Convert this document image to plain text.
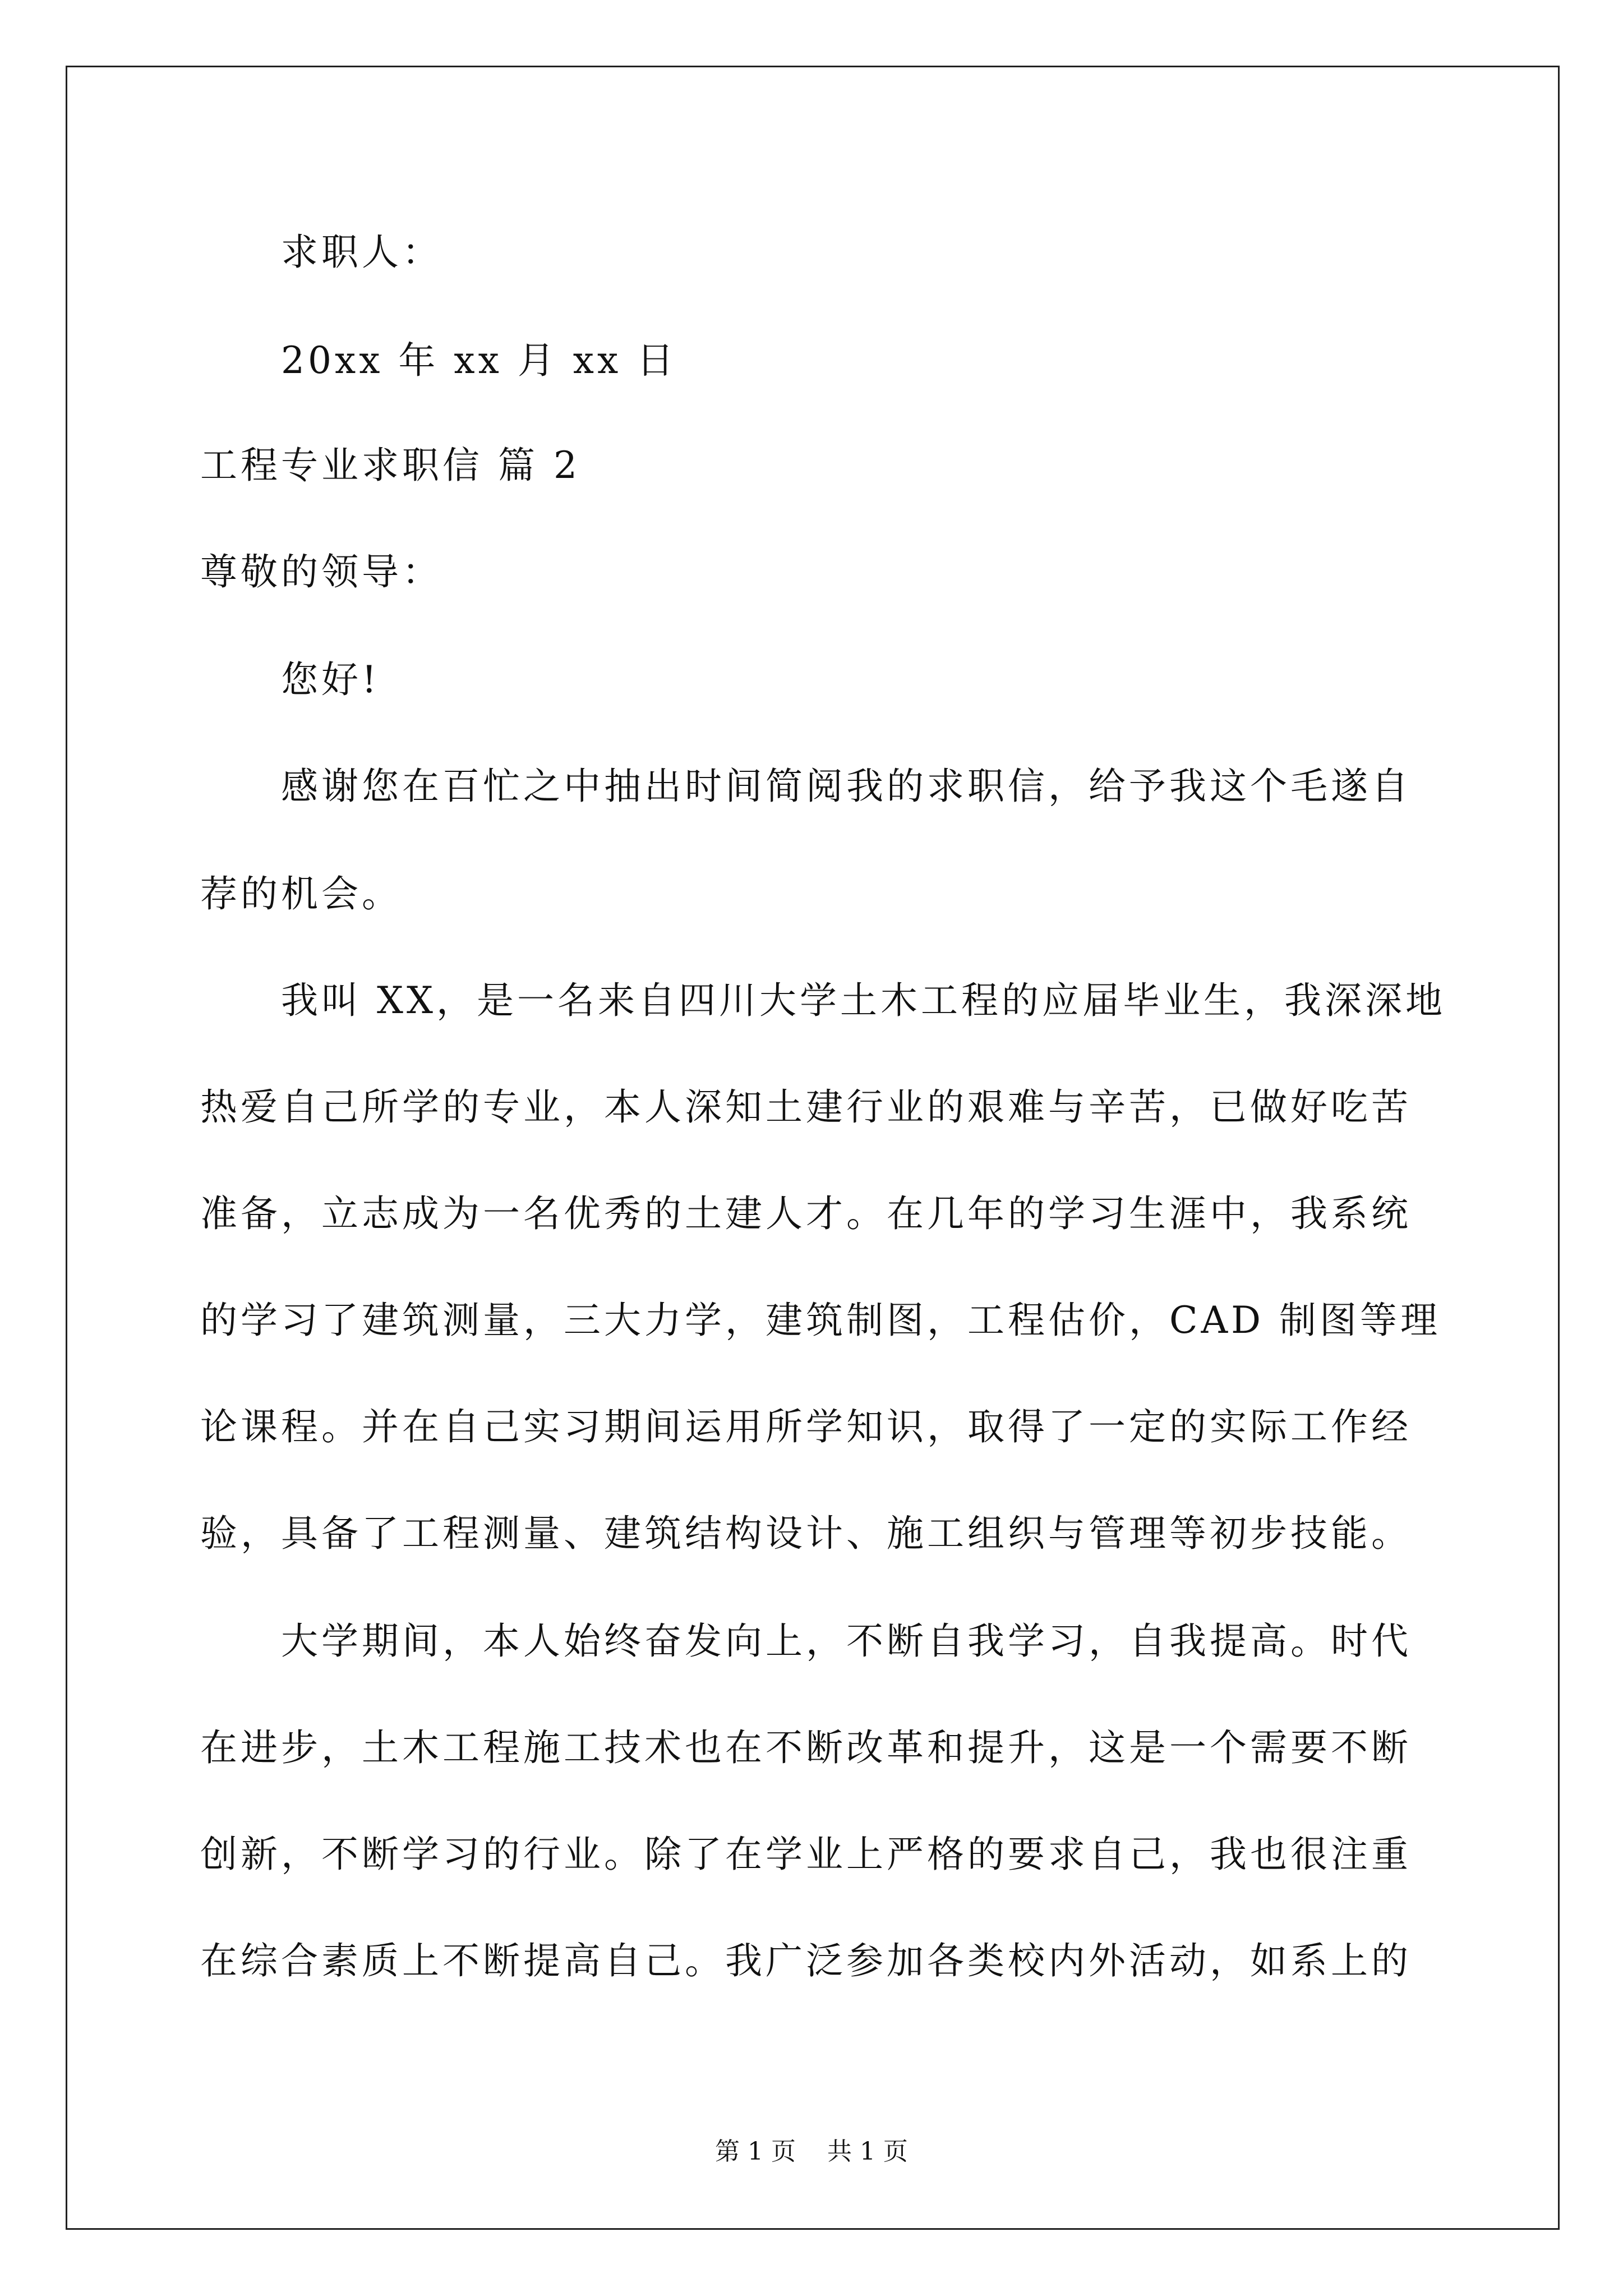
求职人：
20xx 年 xx 月 xx 日
工程专业求职信 篇 2
尊敬的领导：
您好!
感谢您在百忙之中抽出时间简阅我的求职信，给予我这个毛遂自
荐的机会。
我叫 XX，是一名来自四川大学土木工程的应届毕业生，我深深地
热爱自己所学的专业，本人深知土建行业的艰难与辛苦，已做好吃苦
准备，立志成为一名优秀的土建人才。在几年的学习生涯中，我系统
的学习了建筑测量，三大力学，建筑制图，工程估价，CAD 制图等理
论课程。并在自己实习期间运用所学知识，取得了一定的实际工作经
验，具备了工程测量、建筑结构设计、施工组织与管理等初步技能。
大学期间，本人始终奋发向上，不断自我学习，自我提高。时代
在进步，土木工程施工技术也在不断改革和提升，这是一个需要不断
创新，不断学习的行业。除了在学业上严格的要求自己，我也很注重
在综合素质上不断提高自己。我广泛参加各类校内外活动，如系上的
第 1 页    共 1 页
